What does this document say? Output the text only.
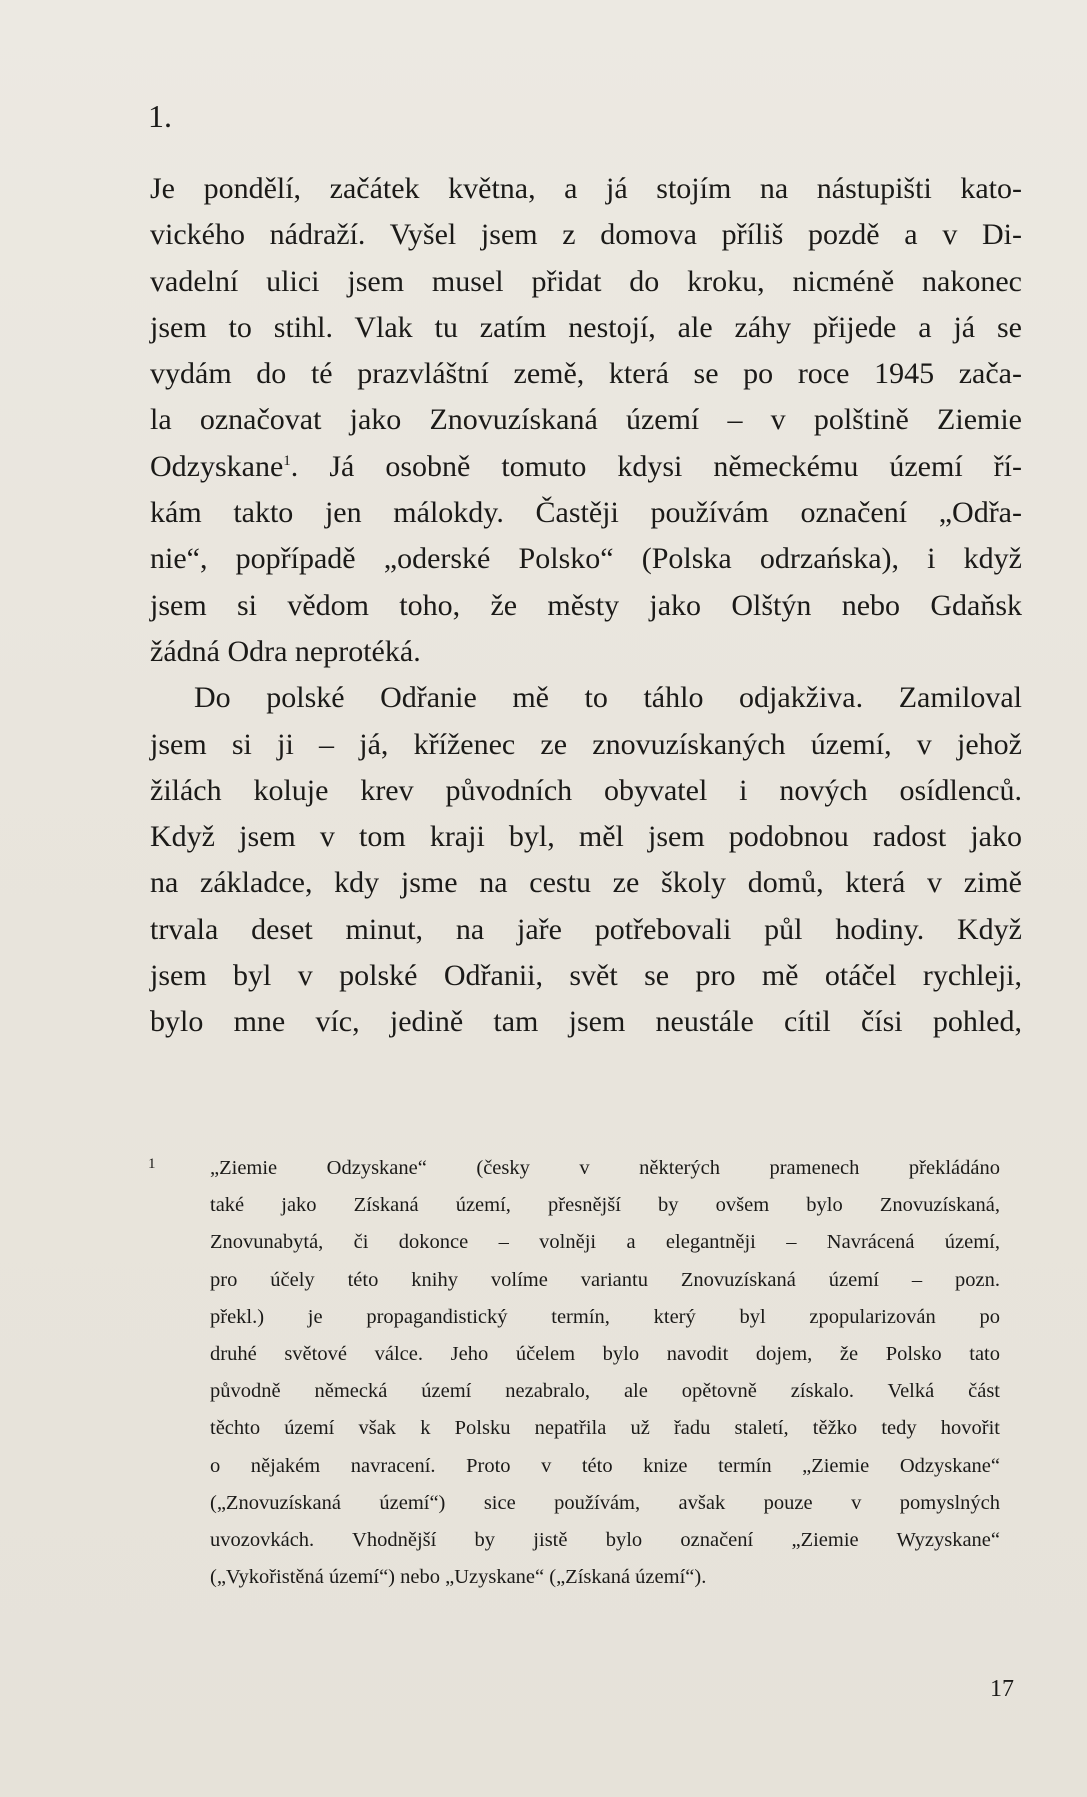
1.
Je pondělí, začátek května, a já stojím na nástupišti kato-
vického nádraží. Vyšel jsem z domova příliš pozdě a v Di-
vadelní ulici jsem musel přidat do kroku, nicméně nakonec
jsem to stihl. Vlak tu zatím nestojí, ale záhy přijede a já se
vydám do té prazvláštní země, která se po roce 1945 zača-
la označovat jako Znovuzískaná území – v polštině Ziemie
Odzyskane$^1$. Já osobně tomuto kdysi německému území ří-
kám takto jen málokdy. Častěji používám označení „Odřa-
nie“, popřípadě „oderské Polsko“ (Polska odrzańska), i když
jsem si vědom toho, že městy jako Olštýn nebo Gdaňsk
žádná Odra neprotéká.
Do polské Odřanie mě to táhlo odjakživa. Zamiloval
jsem si ji – já, kříženec ze znovuzískaných území, v jehož
žilách koluje krev původních obyvatel i nových osídlenců.
Když jsem v tom kraji byl, měl jsem podobnou radost jako
na základce, kdy jsme na cestu ze školy domů, která v zimě
trvala deset minut, na jaře potřebovali půl hodiny. Když
jsem byl v polské Odřanii, svět se pro mě otáčel rychleji,
bylo mne víc, jedině tam jsem neustále cítil čísi pohled,
1	„Ziemie Odzyskane“ (česky v některých pramenech překládáno
také jako Získaná území, přesnější by ovšem bylo Znovuzískaná,
Znovunabytá, či dokonce – volněji a elegantněji – Navrácená území,
pro účely této knihy volíme variantu Znovuzískaná území – pozn.
překl.) je propagandistický termín, který byl zpopularizován po
druhé světové válce. Jeho účelem bylo navodit dojem, že Polsko tato
původně německá území nezabralo, ale opětovně získalo. Velká část
těchto území však k Polsku nepatřila už řadu staletí, těžko tedy hovořit
o nějakém navracení. Proto v této knize termín „Ziemie Odzyskane“
(„Znovuzískaná území“) sice používám, avšak pouze v pomyslných
uvozovkách. Vhodnější by jistě bylo označení „Ziemie Wyzyskane“
(„Vykořistěná území“) nebo „Uzyskane“ („Získaná území“).
17
